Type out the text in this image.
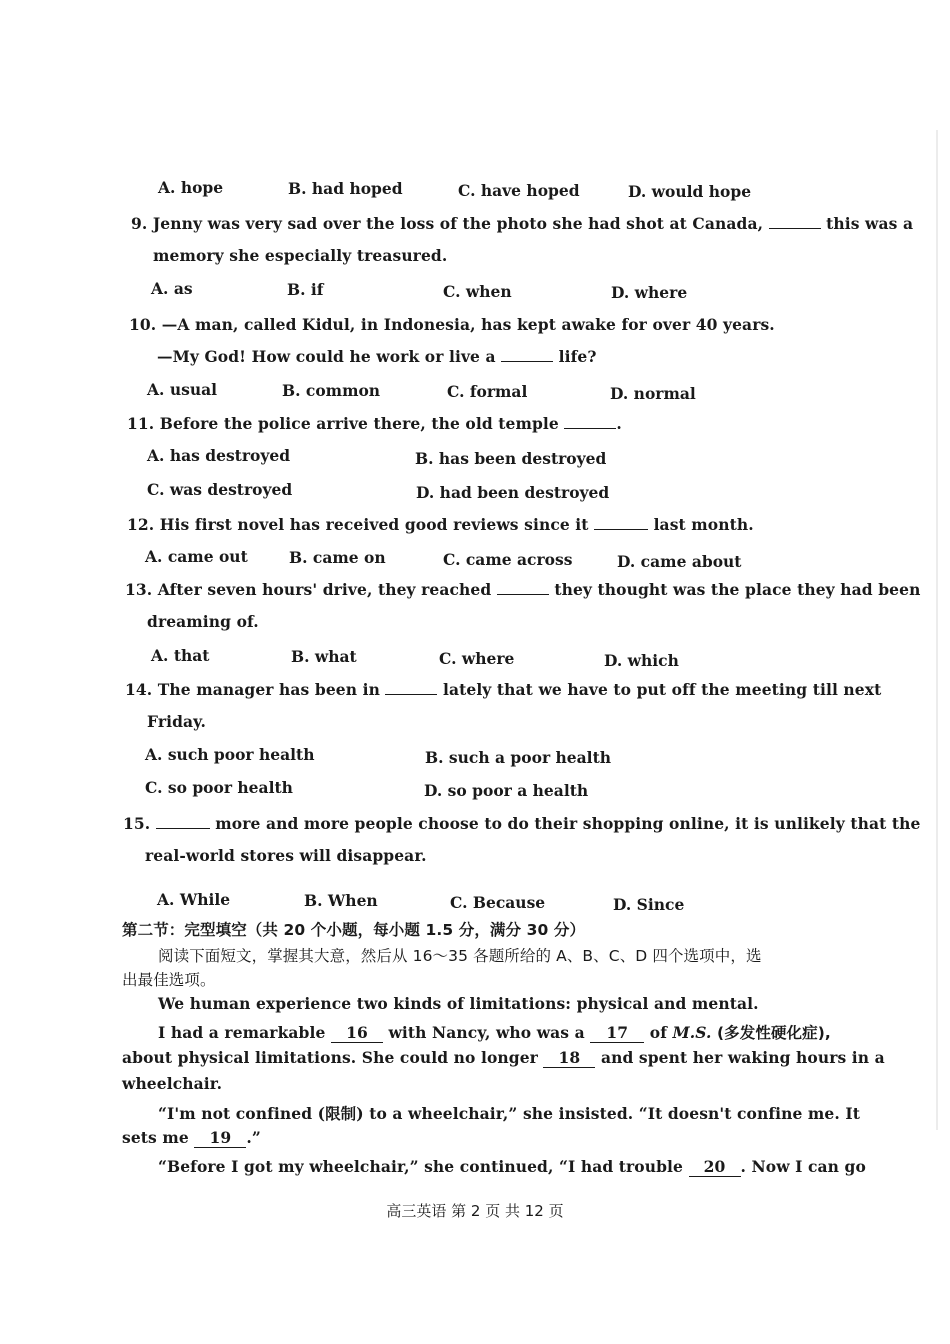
A. hope	B. had hoped	C. have hoped	D. would hope
9. Jenny was very sad over the loss of the photo she had shot at Canada,	this was a
memory she especially treasured.
A. as	B. if	C. when	D. where
10. —A man, called Kidul, in Indonesia, has kept awake for over 40 years.
—My God! How could he work or live a	life?
A. usual	B. common	C. formal	D. normal
11. Before the police arrive there, the old temple	.
A. has destroyed	B. has been destroyed
C. was destroyed	D. had been destroyed
12. His first novel has received good reviews since it	last month.
A. came out	B. came on	C. came across	D. came about
13. After seven hours' drive, they reached	they thought was the place they had been
dreaming of.
A. that	B. what	C. where	D. which
14. The manager has been in	lately that we have to put off the meeting till next
Friday.
A. such poor health	B. such a poor health
C. so poor health	D. so poor a health
15.	more and more people choose to do their shopping online, it is unlikely that the
real-world stores will disappear.
A. While	B. When	C. Because	D. Since
第二节：完型填空（共 20 个小题，每小题 1.5 分，满分 30 分）
阅读下面短文，掌握其大意，然后从 16～35 各题所给的 A、B、C、D 四个选项中，选
出最佳选项。
We human experience two kinds of limitations: physical and mental.
I had a remarkable 16 with Nancy, who was a 17 of M.S. (多发性硬化症),
about physical limitations. She could no longer 18 and spent her waking hours in a
wheelchair.
“I'm not confined (限制) to a wheelchair,” she insisted. “It doesn't confine me. It
sets me 19 .”
“Before I got my wheelchair,” she continued, “I had trouble 20 . Now I can go
高三英语 第 2 页 共 12 页
